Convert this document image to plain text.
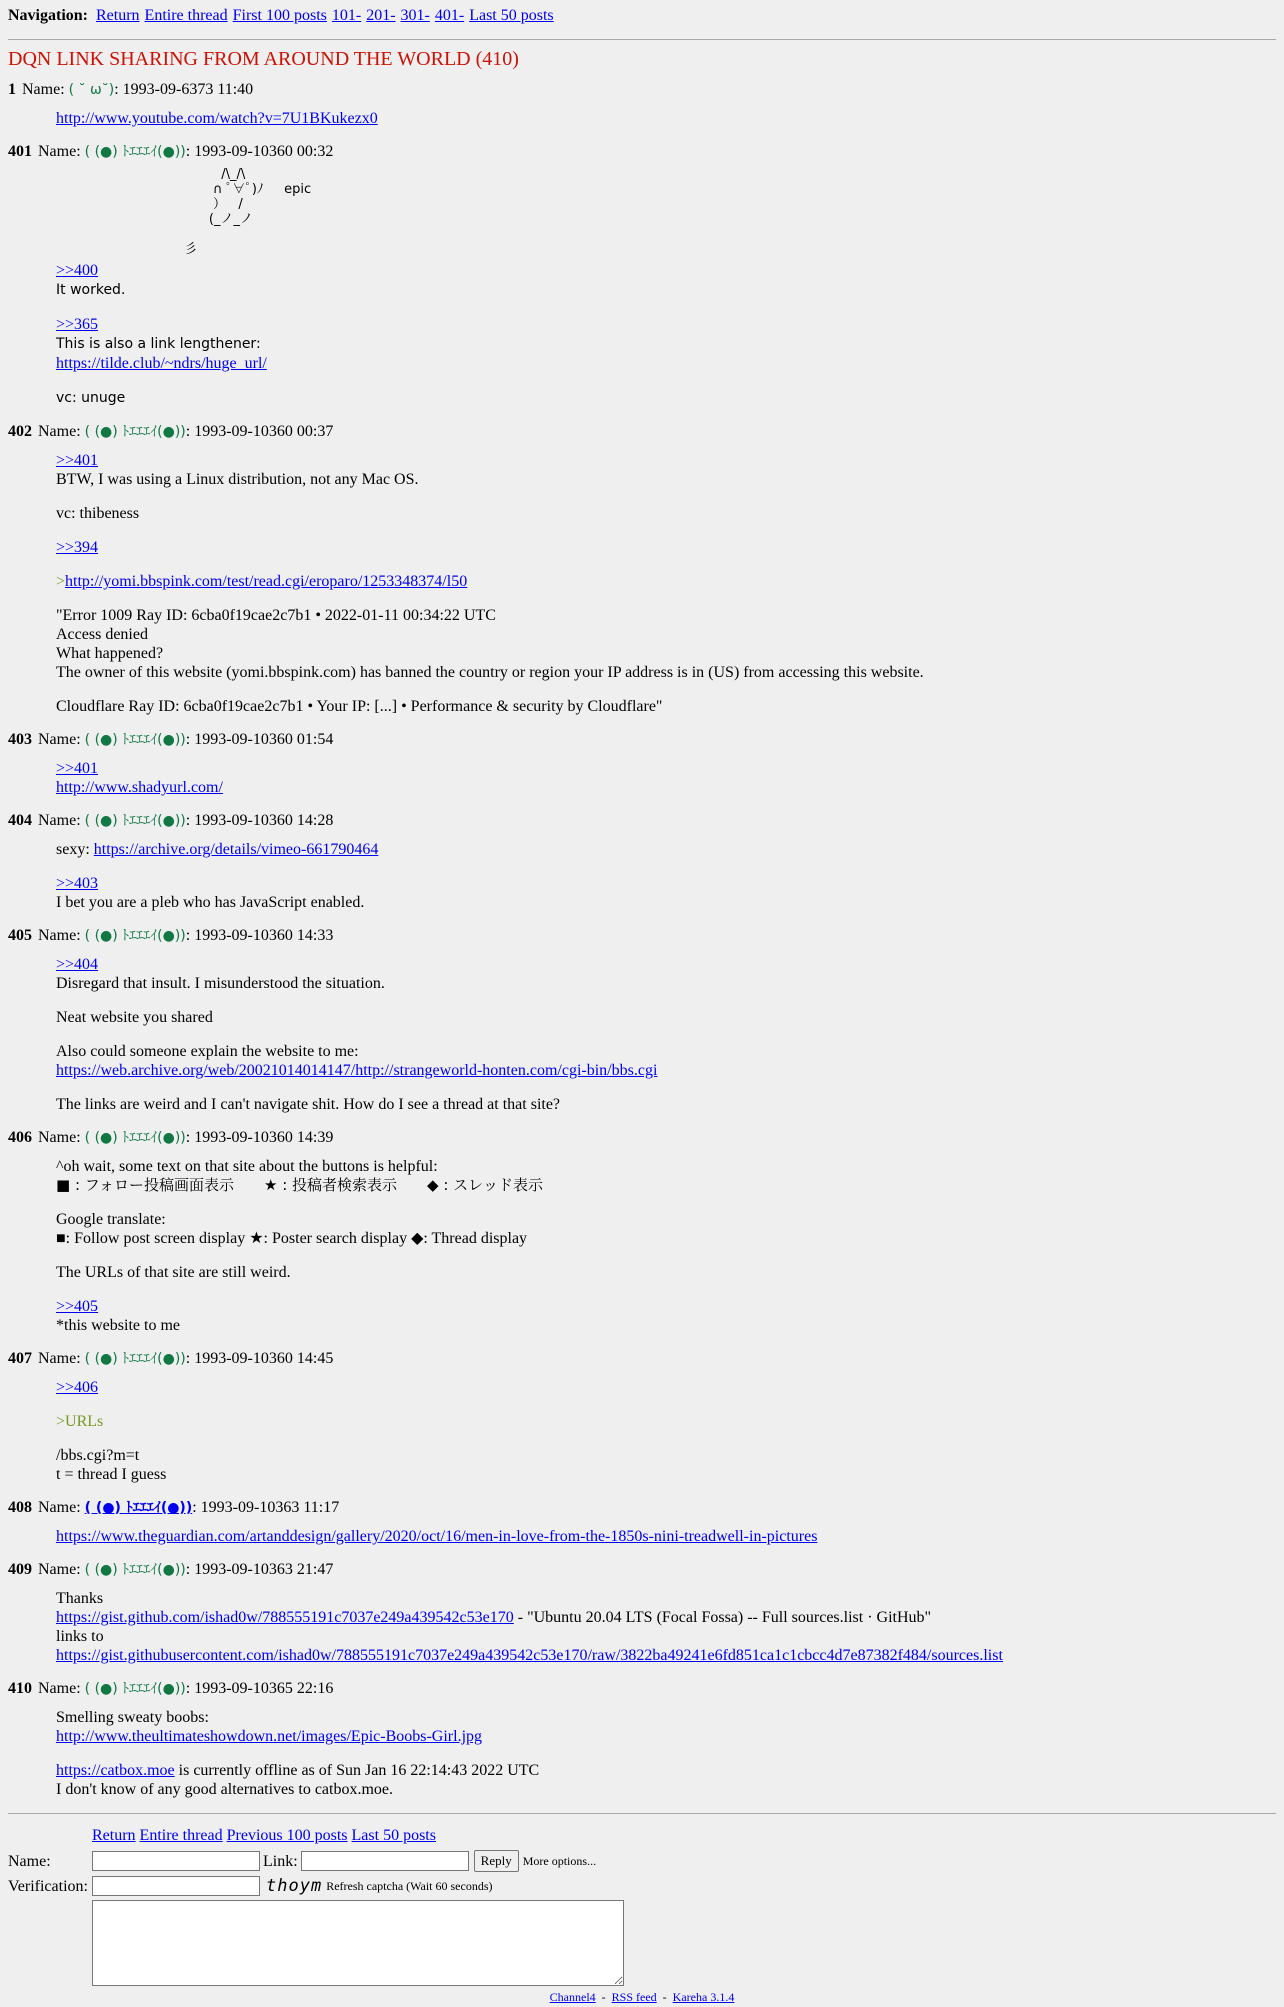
Navigation: Return Entire thread First 100 posts 101- 201- 301- 401- Last 50 posts
DQN LINK SHARING FROM AROUND THE WORLD (410)
1 Name: ( ˘ ω˘): 1993-09-6373 11:40
http://www.youtube.com/watch?v=7U1BKukezx0
401 Name: ( (●) ﾄｴｴｴｲ(●)): 1993-09-10360 00:32
/\_/\
∩ ﾟ∀ﾟ)ﾉ     epic
）   /
(_ノ_ノ

彡
>>400
It worked.
>>365
This is also a link lengthener:
https://tilde.club/~ndrs/huge_url/
vc: unuge
402 Name: ( (●) ﾄｴｴｴｲ(●)): 1993-09-10360 00:37
>>401
BTW, I was using a Linux distribution, not any Mac OS.
vc: thibeness
>>394
>http://yomi.bbspink.com/test/read.cgi/eroparo/1253348374/l50
"Error 1009 Ray ID: 6cba0f19cae2c7b1 • 2022-01-11 00:34:22 UTC
Access denied
What happened?
The owner of this website (yomi.bbspink.com) has banned the country or region your IP address is in (US) from accessing this website.
Cloudflare Ray ID: 6cba0f19cae2c7b1 • Your IP: [...] • Performance & security by Cloudflare"
403 Name: ( (●) ﾄｴｴｴｲ(●)): 1993-09-10360 01:54
>>401
http://www.shadyurl.com/
404 Name: ( (●) ﾄｴｴｴｲ(●)): 1993-09-10360 14:28
sexy: https://archive.org/details/vimeo-661790464
>>403
I bet you are a pleb who has JavaScript enabled.
405 Name: ( (●) ﾄｴｴｴｲ(●)): 1993-09-10360 14:33
>>404
Disregard that insult. I misunderstood the situation.
Neat website you shared
Also could someone explain the website to me:
https://web.archive.org/web/20021014014147/http://strangeworld-honten.com/cgi-bin/bbs.cgi
The links are weird and I can't navigate shit. How do I see a thread at that site?
406 Name: ( (●) ﾄｴｴｴｲ(●)): 1993-09-10360 14:39
^oh wait, some text on that site about the buttons is helpful:
■ : フォロー投稿画面表示　　★ : 投稿者検索表示　　◆ : スレッド表示
Google translate:
■: Follow post screen display ★: Poster search display ◆: Thread display
The URLs of that site are still weird.
>>405
*this website to me
407 Name: ( (●) ﾄｴｴｴｲ(●)): 1993-09-10360 14:45
>>406
>URLs
/bbs.cgi?m=t
t = thread I guess
408 Name: ( (●) ﾄｴｴｴｲ(●)): 1993-09-10363 11:17
https://www.theguardian.com/artanddesign/gallery/2020/oct/16/men-in-love-from-the-1850s-nini-treadwell-in-pictures
409 Name: ( (●) ﾄｴｴｴｲ(●)): 1993-09-10363 21:47
Thanks
https://gist.github.com/ishad0w/788555191c7037e249a439542c53e170 - "Ubuntu 20.04 LTS (Focal Fossa) -- Full sources.list · GitHub"
links to
https://gist.githubusercontent.com/ishad0w/788555191c7037e249a439542c53e170/raw/3822ba49241e6fd851ca1c1cbcc4d7e87382f484/sources.list
410 Name: ( (●) ﾄｴｴｴｲ(●)): 1993-09-10365 22:16
Smelling sweaty boobs:
http://www.theultimateshowdown.net/images/Epic-Boobs-Girl.jpg
https://catbox.moe is currently offline as of Sun Jan 16 22:14:43 2022 UTC
I don't know of any good alternatives to catbox.moe.
Return Entire thread Previous 100 posts Last 50 posts
Name:	Link:	Reply More options...
Verification:	thoym Refresh captcha (Wait 60 seconds)
Channel4 - RSS feed - Kareha 3.1.4
